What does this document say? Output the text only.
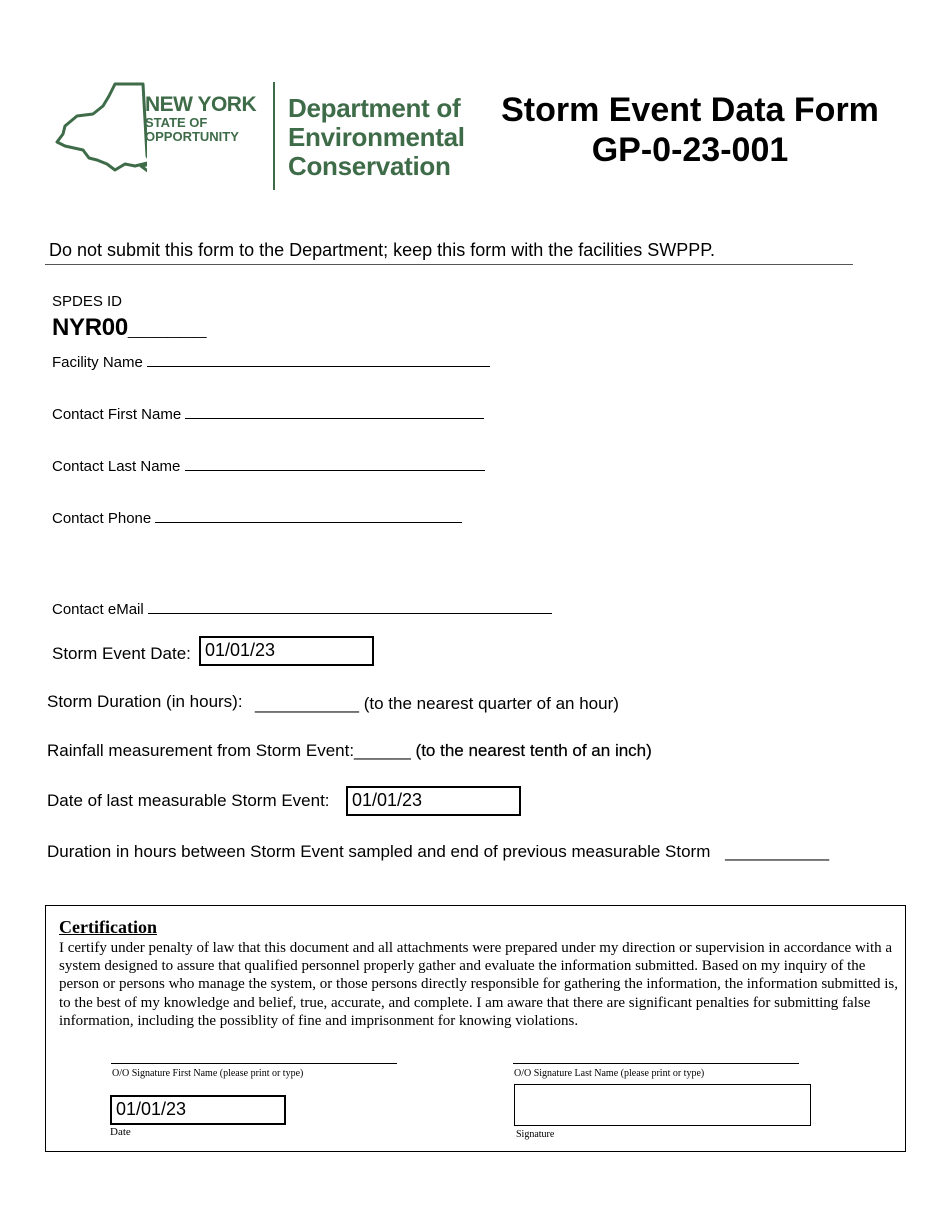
NEW YORK
STATE OF
OPPORTUNITY
Department of
Environmental
Conservation
Storm Event Data Form
GP-0-23-001
Do not submit this form to the Department; keep this form with the facilities SWPPP.
SPDES ID
NYR00______
Facility Name
Contact First Name
Contact Last Name
Contact Phone
Contact eMail
Storm Event Date: 01/01/23
Storm Duration (in hours): ___________ (to the nearest quarter of an hour)
Rainfall measurement from Storm Event:______ (to the nearest tenth of an inch)
Date of last measurable Storm Event:	01/01/23
Duration in hours between Storm Event sampled and end of previous measurable Storm ___________
Certification
I certify under penalty of law that this document and all attachments were prepared under my direction or supervision in accordance with a system designed to assure that qualified personnel properly gather and evaluate the information submitted. Based on my inquiry of the person or persons who manage the system, or those persons directly responsible for gathering the information, the information submitted is, to the best of my knowledge and belief, true, accurate, and complete. I am aware that there are significant penalties for submitting false information, including the possiblity of fine and imprisonment for knowing violations.
O/O Signature First Name (please print or type)	O/O Signature Last Name (please print or type)
01/01/23
Date	Signature
